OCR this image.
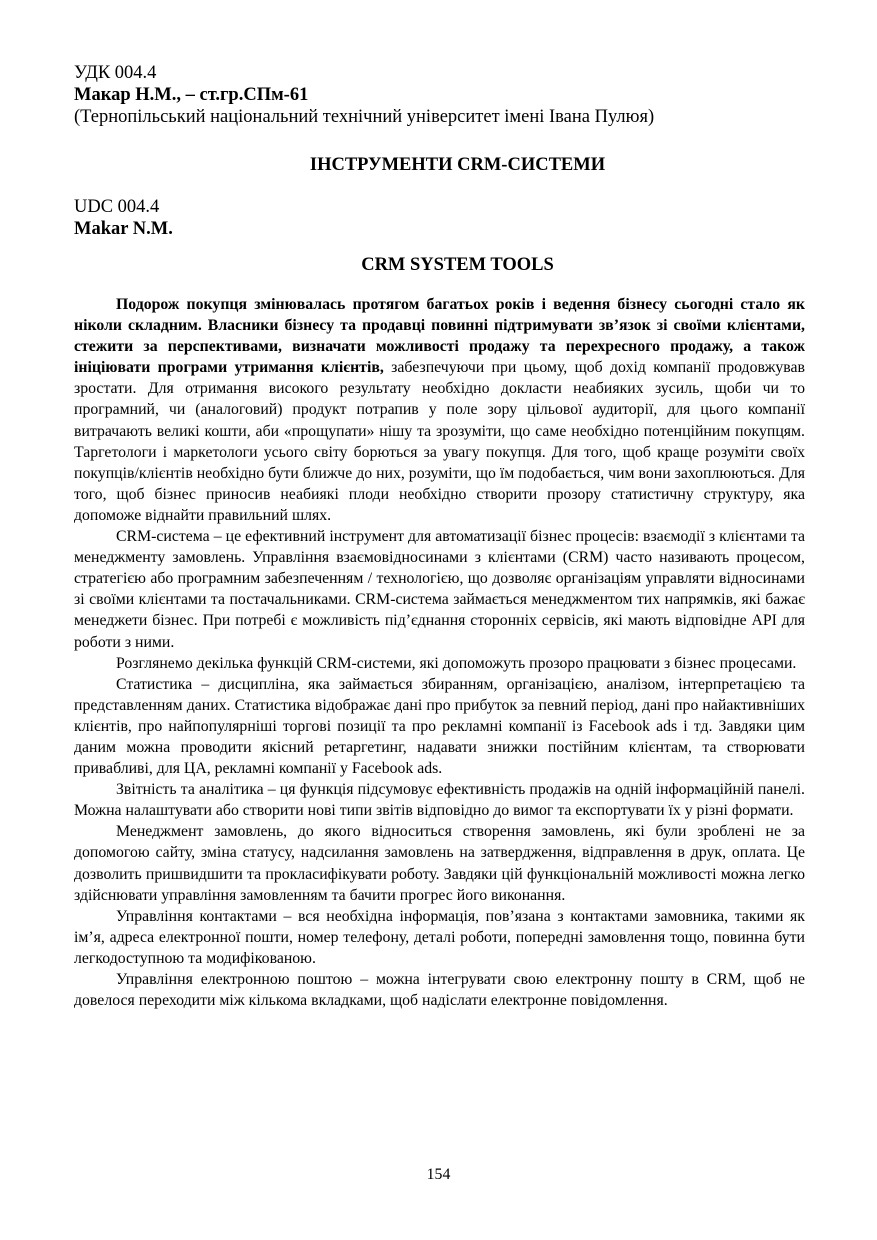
УДК 004.4

Макар Н.М., – ст.гр.СПм-61

(Тернопільський національний технічний університет імені Івана Пулюя)

ІНСТРУМЕНТИ CRM-СИСТЕМИ

UDC 004.4

Makar N.M.

CRM SYSTEM TOOLS

Подорож покупця змінювалась протягом багатьох років і ведення бізнесу сьогодні стало як ніколи складним. Власники бізнесу та продавці повинні підтримувати зв’язок зі своїми клієнтами, стежити за перспективами, визначати можливості продажу та перехресного продажу, а також ініціювати програми утримання клієнтів, забезпечуючи при цьому, щоб дохід компанії продовжував зростати. Для отримання високого результату необхідно докласти неабияких зусиль, щоби чи то програмний, чи (аналоговий) продукт потрапив у поле зору цільової аудиторії, для цього компанії витрачають великі кошти, аби «прощупати» нішу та зрозуміти, що саме необхідно потенційним покупцям. Таргетологи і маркетологи усього світу борються за увагу покупця. Для того, щоб краще розуміти своїх покупців/клієнтів необхідно бути ближче до них, розуміти, що їм подобається, чим вони захоплюються. Для того, щоб бізнес приносив неабиякі плоди необхідно створити прозору статистичну структуру, яка допоможе віднайти правильний шлях.

CRM-система – це ефективний інструмент для автоматизації бізнес процесів: взаємодії з клієнтами та менеджменту замовлень. Управління взаємовідносинами з клієнтами (CRM) часто називають процесом, стратегією або програмним забезпеченням / технологією, що дозволяє організаціям управляти відносинами зі своїми клієнтами та постачальниками. CRM-система займається менеджментом тих напрямків, які бажає менеджети бізнес. При потребі є можливість під’єднання сторонніх сервісів, які мають відповідне API для роботи з ними.

Розглянемо декілька функцій CRM-системи, які допоможуть прозоро працювати з бізнес процесами.

Статистика – дисципліна, яка займається збиранням, організацією, аналізом, інтерпретацією та представленням даних. Статистика відображає дані про прибуток за певний період, дані про найактивніших клієнтів, про найпопулярніші торгові позиції та про рекламні компанії із Facebook ads і тд. Завдяки цим даним можна проводити якісний ретаргетинг, надавати знижки постійним клієнтам, та створювати привабливі, для ЦА, рекламні компанії у Facebook ads.

Звітність та аналітика – ця функція підсумовує ефективність продажів на одній інформаційній панелі. Можна налаштувати або створити нові типи звітів відповідно до вимог та експортувати їх у різні формати.

Менеджмент замовлень, до якого відноситься створення замовлень, які були зроблені не за допомогою сайту, зміна статусу, надсилання замовлень на затвердження, відправлення в друк, оплата. Це дозволить пришвидшити та прокласифікувати роботу. Завдяки цій функціональній можливості можна легко здійснювати управління замовленням та бачити прогрес його виконання.

Управління контактами – вся необхідна інформація, пов’язана з контактами замовника, такими як ім’я, адреса електронної пошти, номер телефону, деталі роботи, попередні замовлення тощо, повинна бути легкодоступною та модифікованою.

Управління електронною поштою – можна інтегрувати свою електронну пошту в CRM, щоб не довелося переходити між кількома вкладками, щоб надіслати електронне повідомлення.

154
